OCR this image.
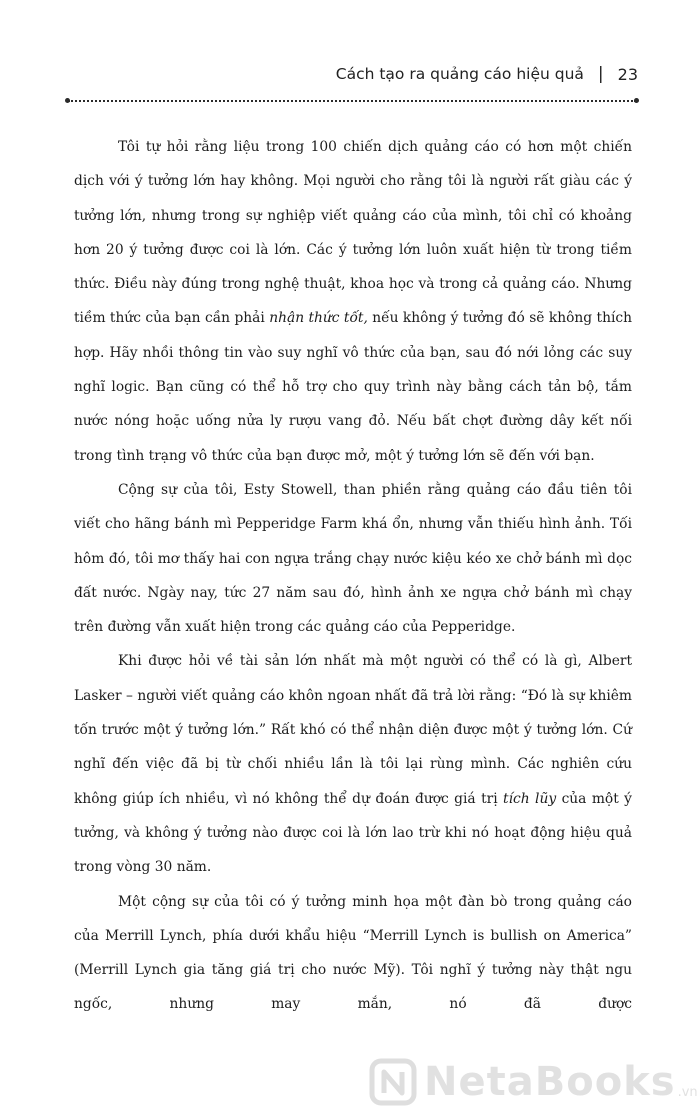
Cách tạo ra quảng cáo hiệu quả | 23

Tôi tự hỏi rằng liệu trong 100 chiến dịch quảng cáo có hơn một chiến dịch với ý tưởng lớn hay không. Mọi người cho rằng tôi là người rất giàu các ý tưởng lớn, nhưng trong sự nghiệp viết quảng cáo của mình, tôi chỉ có khoảng hơn 20 ý tưởng được coi là lớn. Các ý tưởng lớn luôn xuất hiện từ trong tiềm thức. Điều này đúng trong nghệ thuật, khoa học và trong cả quảng cáo. Nhưng tiềm thức của bạn cần phải nhận thức tốt, nếu không ý tưởng đó sẽ không thích hợp. Hãy nhồi thông tin vào suy nghĩ vô thức của bạn, sau đó nới lỏng các suy nghĩ logic. Bạn cũng có thể hỗ trợ cho quy trình này bằng cách tản bộ, tắm nước nóng hoặc uống nửa ly rượu vang đỏ. Nếu bất chợt đường dây kết nối trong tình trạng vô thức của bạn được mở, một ý tưởng lớn sẽ đến với bạn.

Cộng sự của tôi, Esty Stowell, than phiền rằng quảng cáo đầu tiên tôi viết cho hãng bánh mì Pepperidge Farm khá ổn, nhưng vẫn thiếu hình ảnh. Tối hôm đó, tôi mơ thấy hai con ngựa trắng chạy nước kiệu kéo xe chở bánh mì dọc đất nước. Ngày nay, tức 27 năm sau đó, hình ảnh xe ngựa chở bánh mì chạy trên đường vẫn xuất hiện trong các quảng cáo của Pepperidge.

Khi được hỏi về tài sản lớn nhất mà một người có thể có là gì, Albert Lasker – người viết quảng cáo khôn ngoan nhất đã trả lời rằng: “Đó là sự khiêm tốn trước một ý tưởng lớn.” Rất khó có thể nhận diện được một ý tưởng lớn. Cứ nghĩ đến việc đã bị từ chối nhiều lần là tôi lại rùng mình. Các nghiên cứu không giúp ích nhiều, vì nó không thể dự đoán được giá trị tích lũy của một ý tưởng, và không ý tưởng nào được coi là lớn lao trừ khi nó hoạt động hiệu quả trong vòng 30 năm.

Một cộng sự của tôi có ý tưởng minh họa một đàn bò trong quảng cáo của Merrill Lynch, phía dưới khẩu hiệu “Merrill Lynch is bullish on America” (Merrill Lynch gia tăng giá trị cho nước Mỹ). Tôi nghĩ ý tưởng này thật ngu ngốc, nhưng may mắn, nó đã được

NetaBooks .vn
